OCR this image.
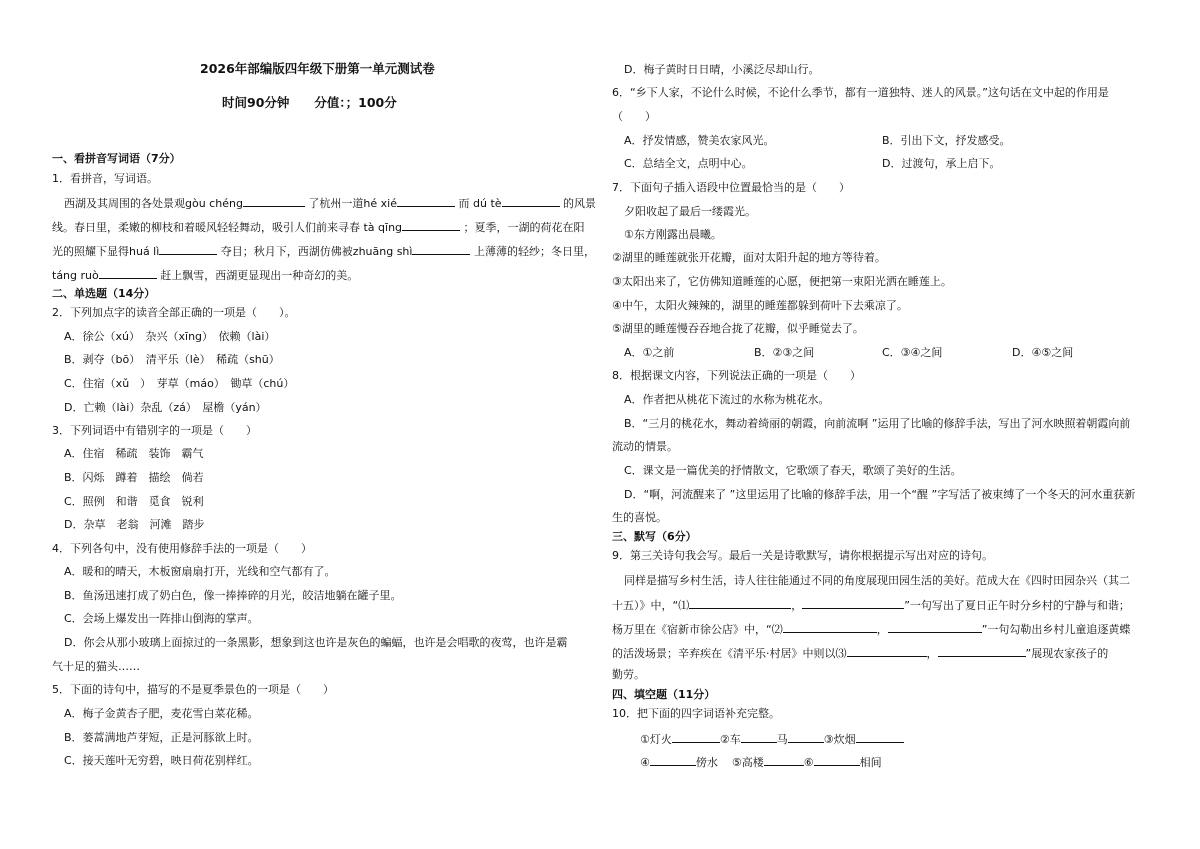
2026年部编版四年级下册第一单元测试卷
时间90分钟　　分值：；100分
一、看拼音写词语（7分）
1．看拼音，写词语。
西湖及其周围的各处景观gòu chéng	了杭州一道hé xié	而 dú tè	的风景
线。春日里，柔嫩的柳枝和着暖风轻轻舞动，吸引人们前来寻春 tà qīng	；夏季，一湖的荷花在阳
光的照耀下显得huá lì	夺目；秋月下，西湖仿佛被zhuāng shì	上薄薄的轻纱；冬日里，
táng ruò	赶上飘雪，西湖更显现出一种奇幻的美。
二、单选题（14分）
2．下列加点字的读音全部正确的一项是（　　）。
A．徐公（xú）　杂兴（xīng）　依赖（lài）
B．剥夺（bō）　清平乐（lè）　稀疏（shū）
C．住宿（xǔ　）　芽草（máo）　锄草（chú）
D．亡赖（lài）杂乱（zá）　屋檐（yán）
3．下列词语中有错别字的一项是（　　）
A．住宿　稀疏　装饰　霸气
B．闪烁　蹲着　描绘　倘若
C．照例　和谐　觅食　锐利
D．杂草　老翁　河滩　踏步
4．下列各句中，没有使用修辞手法的一项是（　　）
A．暖和的晴天，木板窗扇扇打开，光线和空气都有了。
B．鱼汤迅速打成了奶白色，像一捧捧碎的月光，皎洁地躺在罐子里。
C．会场上爆发出一阵排山倒海的掌声。
D．你会从那小玻璃上面掠过的一条黑影，想象到这也许是灰色的蝙蝠，也许是会唱歌的夜莺，也许是霸
气十足的猫头……
5．下面的诗句中，描写的不是夏季景色的一项是（　　）
A．梅子金黄杏子肥，麦花雪白菜花稀。
B．蒌蒿满地芦芽短，正是河豚欲上时。
C．接天莲叶无穷碧，映日荷花别样红。
D．梅子黄时日日晴，小溪泛尽却山行。
6．“乡下人家，不论什么时候，不论什么季节，都有一道独特、迷人的风景。”这句话在文中起的作用是
（　　）
A．抒发情感，赞美农家风光。	B．引出下文，抒发感受。
C．总结全文，点明中心。	D．过渡句，承上启下。
7．下面句子插入语段中位置最恰当的是（　　）
夕阳收起了最后一缕霞光。
①东方刚露出晨曦。
②湖里的睡莲就张开花瓣，面对太阳升起的地方等待着。
③太阳出来了，它仿佛知道睡莲的心愿，便把第一束阳光洒在睡莲上。
④中午，太阳火辣辣的，湖里的睡莲都躲到荷叶下去乘凉了。
⑤湖里的睡莲慢吞吞地合拢了花瓣，似乎睡觉去了。
A．①之前	B．②③之间	C．③④之间	D．④⑤之间
8．根据课文内容，下列说法正确的一项是（　　）
A．作者把从桃花下流过的水称为桃花水。
B．“三月的桃花水，舞动着绮丽的朝霞，向前流啊 ”运用了比喻的修辞手法，写出了河水映照着朝霞向前
流动的情景。
C．课文是一篇优美的抒情散文，它歌颂了春天，歌颂了美好的生活。
D．“啊，河流醒来了 ”这里运用了比喻的修辞手法，用一个“醒 ”字写活了被束缚了一个冬天的河水重获新
生的喜悦。
三、默写（6分）
9．第三关诗句我会写。最后一关是诗歌默写，请你根据提示写出对应的诗句。
同样是描写乡村生活，诗人往往能通过不同的角度展现田园生活的美好。范成大在《四时田园杂兴（其二
十五）》中，“⑴	，	”一句写出了夏日正午时分乡村的宁静与和谐；
杨万里在《宿新市徐公店》中，“⑵	，	”一句勾勒出乡村儿童追逐黄蝶
的活泼场景；辛弃疾在《清平乐·村居》中则以⑶	，	”展现农家孩子的
勤劳。
四、填空题（11分）
10．把下面的四字词语补充完整。
①灯火	②车	马	③炊烟
④	傍水 ⑤高楼	⑥	相间
